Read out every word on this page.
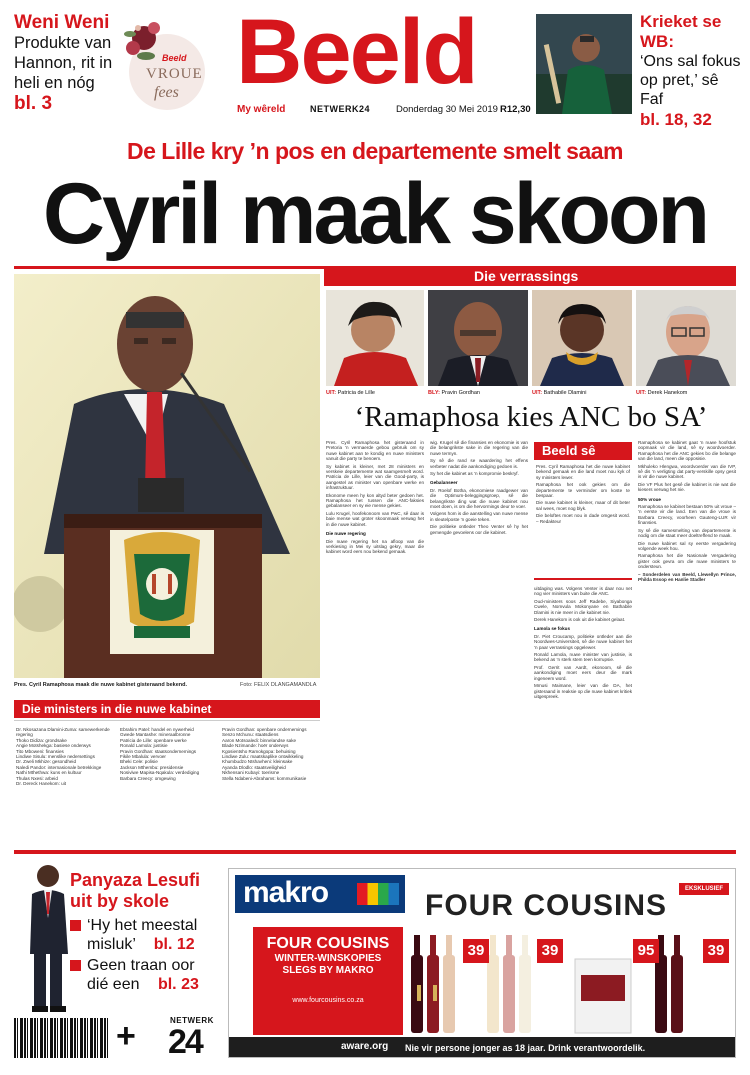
Weni Weni
Produkte van Hannon, rit in heli en nóg
bl. 3
Beeld
VROUE
fees Beeld
My wêreld	NETWERK24	Donderdag 30 Mei 2019 R12,30
Krieket se WB:
‘Ons sal fokus op pret,’ sê Faf
bl. 18, 32
De Lille kry ’n pos en departemente smelt saam
Cyril maak skoon
Pres. Cyril Ramaphosa maak die nuwe kabinet gisteraand bekend.	Foto: FELIX DLANGAMANDLA
Die ministers in die nuwe kabinet
Dr. Nkosazana Dlamini-Zuma: samewerkende regering
Thoko Didiza: grondsake
Angie Motshekga: basiese onderwys
Tito Mboweni: finansies
Lindiwe Sisulu: menslike nedersettings
Dr. Zweli Mkhize: gesondheid
Naledi Pandor: internasionale betrekkinge
Nathi Mthethwa: kuns en kultuur
Thulas Nxesi: arbeid
Dr. Dereck Hanekom: uit
Ebrahim Patel: handel en nywerheid
Gwede Mantashe: mineraalbronne
Patricia de Lille: openbare werke
Ronald Lamola: justisie
Pravin Gordhan: staatsondernemings
Fikile Mbalula: vervoer
Bheki Cele: polisie
Jackson Mthembu: presidensie
Nosiviwe Mapisa-Nqakula: verdediging
Barbara Creecy: omgewing
Pravin Gordhan: openbare ondernemings
Senzo Mchunu: staatsdiens
Aaron Motsoaledi: binnelandse sake
Blade Nzimande: hoër onderwys
Kgosientsho Ramokgopa: behuising
Lindiwe Zulu: maatskaplike ontwikkeling
Khumbudzo Ntshavheni: kleinsake
Ayanda Dlodlo: staatsveiligheid
Nkhensani Kubayi: toerisme
Stella Ndabeni-Abrahams: kommunikasie
Die verrassings
UIT: Patricia de Lille	BLY: Pravin Gordhan	UIT: Bathabile Dlamini	UIT: Derek Hanekom
‘Ramaphosa kies ANC bo SA’

Pres. Cyril Ramaphosa het gisteraand in Pretoria ’n vermaerde gebou gebruik om sy nuwe kabinet aan te kondig en nuwe ministers vanuit die party te benoem.

Sy kabinet is kleiner, met 28 ministers en verskeie departemente wat saamgesmelt word. Patricia de Lille, leier van die Good-party, is aangestel as minister van openbare werke en infrastruktuur.

Ekonome meen hy kon altyd beter gedoen het. Ramaphosa het tussen die ANC-faksies gebalanseer en sy eie mense gekies.

Lulu Krugel, hoofekonoom van PwC, sê daar is baie mense wat groter skoonmaak verwag het in die nuwe kabinet.

Die nuwe regering

Die nuwe regering het na afloop van die verkiesing in Mei sy uitslag gekry, maar die kabinet word eers nou bekend gemaak.

wig. Krugel sê die finansies en ekonomie is van die belangrikste sake in die regering van die nuwe termyn.

Sy sê die rand se waardering het effens verbeter nadat die aankondiging gedoen is.

Sy het die kabinet as ’n kompromie beskryf.

Gebalanseer

Dr. Roelof Botha, ekonomiese raadgewer van die Optimum-beleggingsgroep, sê die belangrikste ding wat die nuwe kabinet nou moet doen, is om die hervormings deur te voer.

Volgens hom is die aanstelling van nuwe mense in sleutelposte ’n goeie teken.

Die politieke ontleder Theo Venter sê hy het gemengde gevoelens oor die kabinet.

Beeld sê

Pres. Cyril Ramaphosa het die nuwe kabinet bekend gemaak en die land moet nou kyk of sy ministers lewer.

Ramaphosa het ook gekies om die departemente te verminder om koste te bespaar.

Die nuwe kabinet is kleiner, maar of dit beter sal wees, moet nog blyk.

Die beloftes moet nou in dade omgesit word. – Redakteur

uitdaging was. Volgens Venter is daar nou net nog vier ministers van buite die ANC.

Oud-ministers soos Jeff Radebe, Siyabonga Cwele, Nomvula Mokonyane en Bathabile Dlamini is nie meer in die kabinet nie.

Derek Hanekom is ook uit die kabinet gelaat.

Lamola se fokus

Dr. Piet Croucamp, politieke ontleder aan die Noordwes-Universiteit, sê die nuwe kabinet het ’n paar verrassings opgelewer.

Ronald Lamola, nuwe minister van justisie, is bekend as ’n sterk stem teen korrupsie.

Prof. Gerrit van Aardt, ekonoom, sê die aankondiging moet eers deur die mark ingeneem word.

Mmusi Maimane, leier van die DA, het gisteraand in reaksie op die nuwe kabinet kritiek uitgespreek.

Ramaphosa se kabinet gaat ’n nuwe hoofstuk oopmaak vir die land, sê sy woordvoerder. Ramaphosa het die ANC gekies bo die belange van die land, meen die opposisie.

Mkhuleko Hlengwa, woordvoerder van die IVP, sê dis ’n verligting dat party-verskille opsy gesit is vir die nuwe kabinet.

Die VF Plus het gesê die kabinet is nie wat die kiesers verwag het nie.

50% vroue

Ramaphosa se kabinet bestaan 50% uit vroue – ’n eerste vir die land. Een van die vroue is Barbara Creecy, voorheen Gauteng-LUR vir finansies.

Sy sê die samesmelting van departemente is nodig om die staat meer doeltreffend te maak.

Die nuwe kabinet sal sy eerste vergadering volgende week hou.

Ramaphosa het die Nasionale Vergadering gister ook gevra om die nuwe ministers te ondersteun.

– Sonderdelen van Beeld, Llewellyn Prince, Philda Essop en Hanlie Stadler

Panyaza Lesufi uit by skole
‘Hy het meestal misluk’ bl. 12
Geen traan oor dié een bl. 23
+	NETWERK
24
makro	FOUR COUSINS	EKSKLUSIEF
FOUR COUSINS
WINTER-WINSKOPIES
SLEGS BY MAKRO
www.fourcousins.co.za
39	39	95	39
aware.org Nie vir persone jonger as 18 jaar. Drink verantwoordelik.
